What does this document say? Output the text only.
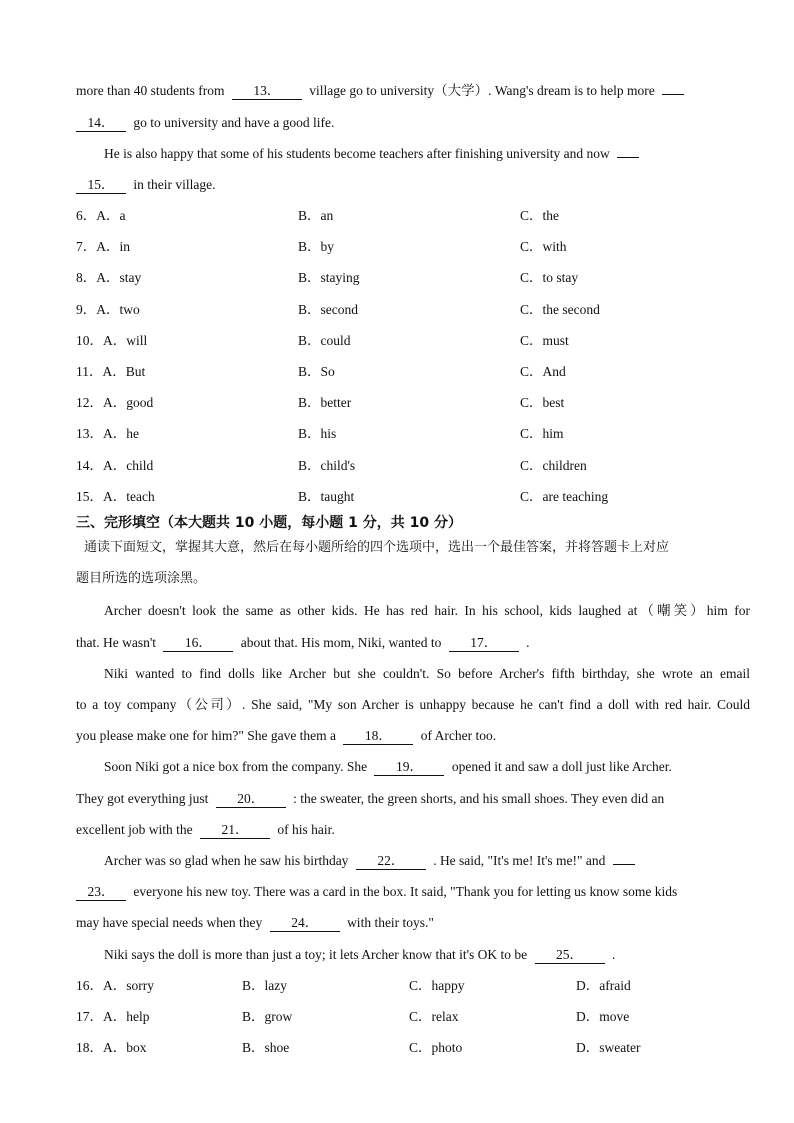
more than 40 students from 13． village go to university（大学）. Wang's dream is to help more
14． go to university and have a good life.
He is also happy that some of his students become teachers after finishing university and now
15． in their village.
6．A．a	B．an	C．the
7．A．in	B．by	C．with
8．A．stay	B．staying	C．to stay
9．A．two	B．second	C．the second
10．A．will	B．could	C．must
11．A．But	B．So	C．And
12．A．good	B．better	C．best
13．A．he	B．his	C．him
14．A．child	B．child's	C．children
15．A．teach	B．taught	C．are teaching
三、完形填空（本大题共 10 小题，每小题 1 分，共 10 分）
通读下面短文，掌握其大意，然后在每小题所给的四个选项中，选出一个最佳答案，并将答题卡上对应
题目所选的选项涂黑。
Archer doesn't look the same as other kids. He has red hair. In his school, kids laughed at（嘲笑）him for
that. He wasn't 16． about that. His mom, Niki, wanted to 17． .
Niki wanted to find dolls like Archer but she couldn't. So before Archer's fifth birthday, she wrote an email
to a toy company（公司）. She said, "My son Archer is unhappy because he can't find a doll with red hair. Could
you please make one for him?" She gave them a 18． of Archer too.
Soon Niki got a nice box from the company. She 19． opened it and saw a doll just like Archer.
They got everything just 20． : the sweater, the green shorts, and his small shoes. They even did an
excellent job with the 21． of his hair.
Archer was so glad when he saw his birthday 22． . He said, "It's me! It's me!" and
23． everyone his new toy. There was a card in the box. It said, "Thank you for letting us know some kids
may have special needs when they 24． with their toys."
Niki says the doll is more than just a toy; it lets Archer know that it's OK to be 25． .
16．A．sorry	B．lazy	C．happy	D．afraid
17．A．help	B．grow	C．relax	D．move
18．A．box	B．shoe	C．photo	D．sweater
